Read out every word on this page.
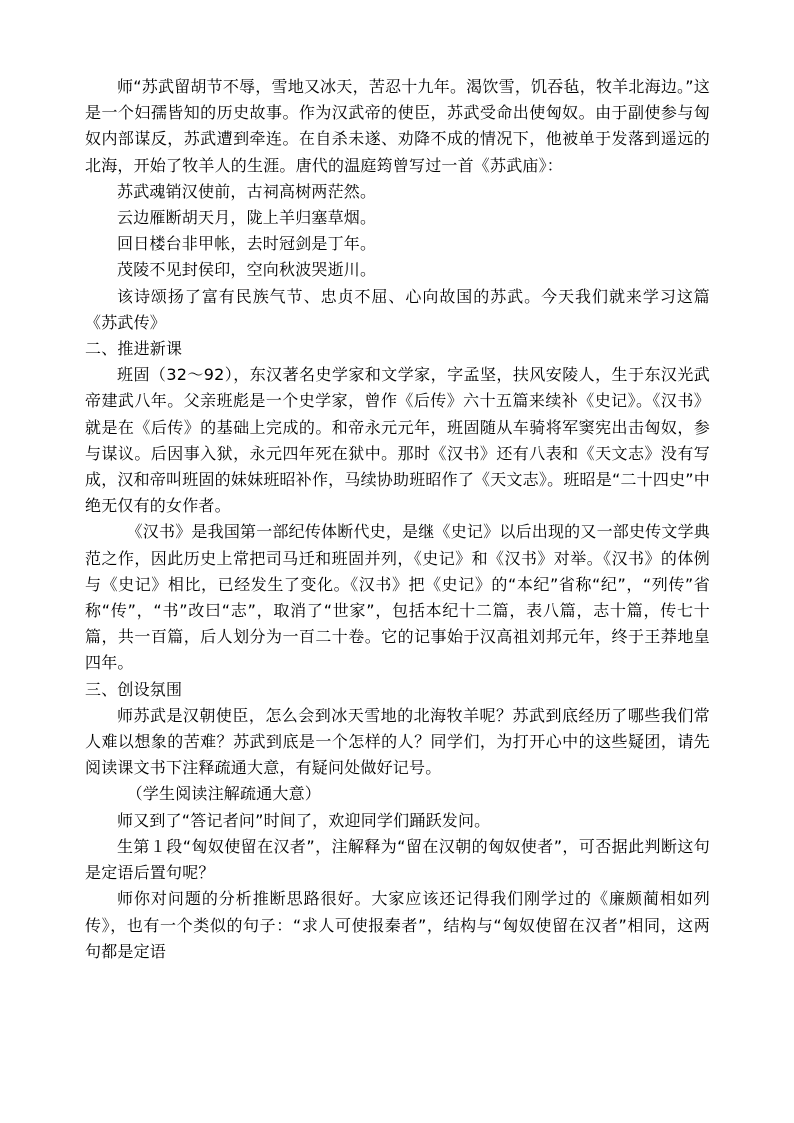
师“苏武留胡节不辱，雪地又冰天，苦忍十九年。渴饮雪，饥吞毡，牧羊北海边。”这是一个妇孺皆知的历史故事。作为汉武帝的使臣，苏武受命出使匈奴。由于副使参与匈奴内部谋反，苏武遭到牵连。在自杀未遂、劝降不成的情况下，他被单于发落到遥远的北海，开始了牧羊人的生涯。唐代的温庭筠曾写过一首《苏武庙》：

苏武魂销汉使前，古祠高树两茫然。

云边雁断胡天月，陇上羊归塞草烟。

回日楼台非甲帐，去时冠剑是丁年。

茂陵不见封侯印，空向秋波哭逝川。

该诗颂扬了富有民族气节、忠贞不屈、心向故国的苏武。今天我们就来学习这篇《苏武传》

二、推进新课

班固（32～92），东汉著名史学家和文学家，字孟坚，扶风安陵人，生于东汉光武帝建武八年。父亲班彪是一个史学家，曾作《后传》六十五篇来续补《史记》。《汉书》就是在《后传》的基础上完成的。和帝永元元年，班固随从车骑将军窦宪出击匈奴，参与谋议。后因事入狱，永元四年死在狱中。那时《汉书》还有八表和《天文志》没有写成，汉和帝叫班固的妹妹班昭补作，马续协助班昭作了《天文志》。班昭是“二十四史”中绝无仅有的女作者。

《汉书》是我国第一部纪传体断代史，是继《史记》以后出现的又一部史传文学典范之作，因此历史上常把司马迁和班固并列，《史记》和《汉书》对举。《汉书》的体例与《史记》相比，已经发生了变化。《汉书》把《史记》的“本纪”省称“纪”，“列传”省称“传”，“书”改曰“志”，取消了“世家”，包括本纪十二篇，表八篇，志十篇，传七十篇，共一百篇，后人划分为一百二十卷。它的记事始于汉高祖刘邦元年，终于王莽地皇四年。

三、创设氛围

师苏武是汉朝使臣，怎么会到冰天雪地的北海牧羊呢？苏武到底经历了哪些我们常人难以想象的苦难？苏武到底是一个怎样的人？同学们，为打开心中的这些疑团，请先阅读课文书下注释疏通大意，有疑问处做好记号。

（学生阅读注解疏通大意）

师又到了“答记者问”时间了，欢迎同学们踊跃发问。

生第１段“匈奴使留在汉者”，注解释为“留在汉朝的匈奴使者”，可否据此判断这句是定语后置句呢？

师你对问题的分析推断思路很好。大家应该还记得我们刚学过的《廉颇蔺相如列传》，也有一个类似的句子：“求人可使报秦者”，结构与“匈奴使留在汉者”相同，这两句都是定语
